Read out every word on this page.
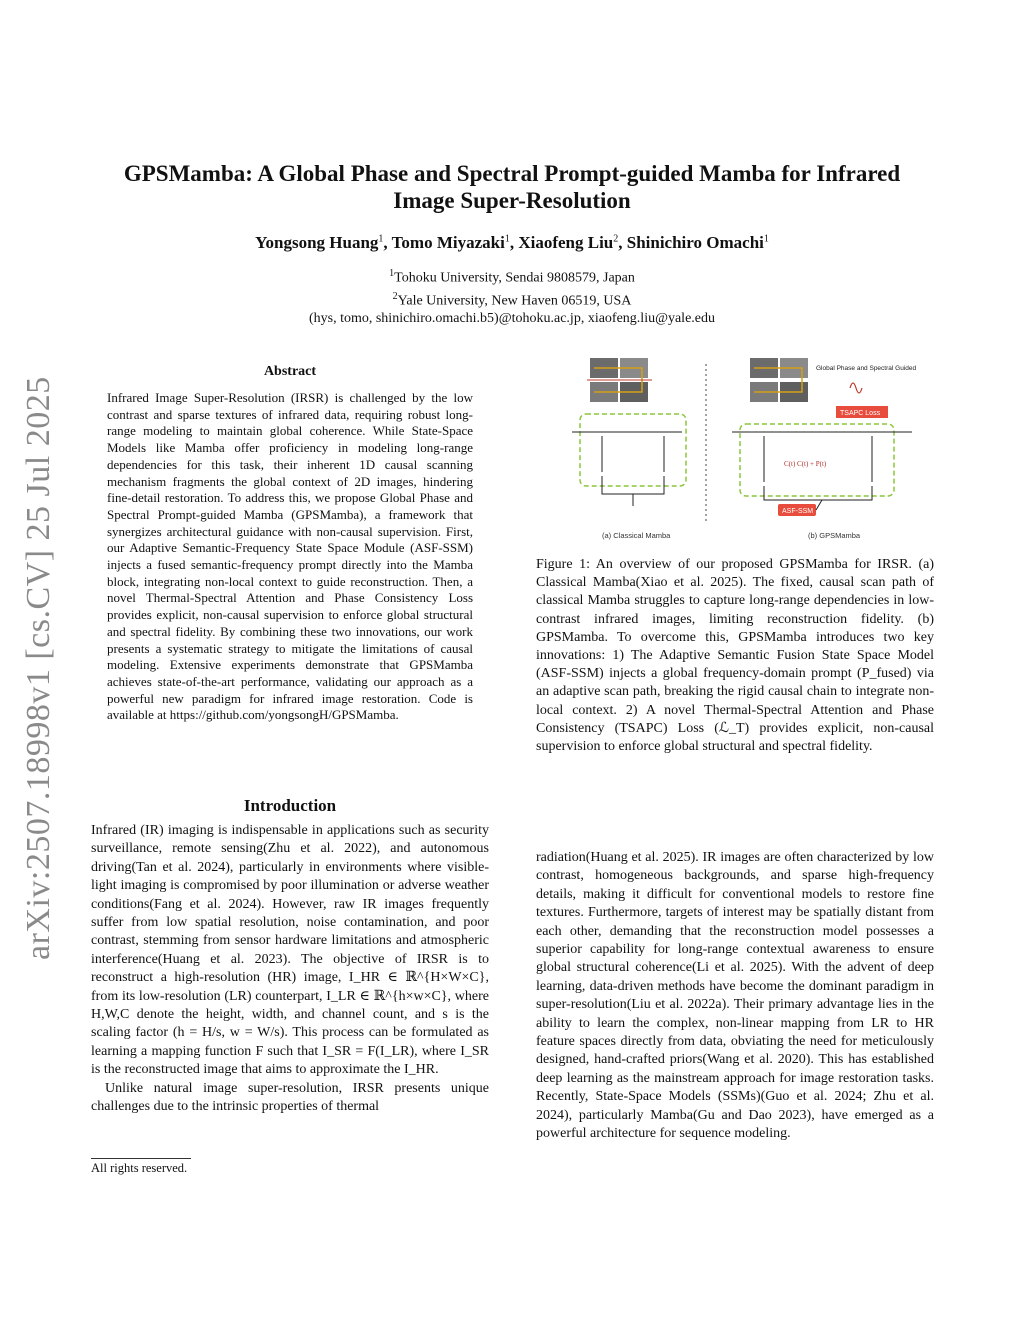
arXiv:2507.18998v1 [cs.CV] 25 Jul 2025
GPSMamba: A Global Phase and Spectral Prompt-guided Mamba for Infrared
Image Super-Resolution
Yongsong Huang$^1$, Tomo Miyazaki$^1$, Xiaofeng Liu$^2$, Shinichiro Omachi$^1$
$^1$Tohoku University, Sendai 9808579, Japan
$^2$Yale University, New Haven 06519, USA
(hys, tomo, shinichiro.omachi.b5)@tohoku.ac.jp, xiaofeng.liu@yale.edu
Abstract
Infrared Image Super-Resolution (IRSR) is challenged by the low contrast and sparse textures of infrared data, requiring robust long-range modeling to maintain global coherence. While State-Space Models like Mamba offer proficiency in modeling long-range dependencies for this task, their inherent 1D causal scanning mechanism fragments the global context of 2D images, hindering fine-detail restoration. To address this, we propose Global Phase and Spectral Prompt-guided Mamba (GPSMamba), a framework that synergizes architectural guidance with non-causal supervision. First, our Adaptive Semantic-Frequency State Space Module (ASF-SSM) injects a fused semantic-frequency prompt directly into the Mamba block, integrating non-local context to guide reconstruction. Then, a novel Thermal-Spectral Attention and Phase Consistency Loss provides explicit, non-causal supervision to enforce global structural and spectral fidelity. By combining these two innovations, our work presents a systematic strategy to mitigate the limitations of causal modeling. Extensive experiments demonstrate that GPSMamba achieves state-of-the-art performance, validating our approach as a powerful new paradigm for infrared image restoration. Code is available at https://github.com/yongsongH/GPSMamba.
Introduction

Infrared (IR) imaging is indispensable in applications such as security surveillance, remote sensing(Zhu et al. 2022), and autonomous driving(Tan et al. 2024), particularly in environments where visible-light imaging is compromised by poor illumination or adverse weather conditions(Fang et al. 2024). However, raw IR images frequently suffer from low spatial resolution, noise contamination, and poor contrast, stemming from sensor hardware limitations and atmospheric interference(Huang et al. 2023). The objective of IRSR is to reconstruct a high-resolution (HR) image, I_HR ∈ ℝ^{H×W×C}, from its low-resolution (LR) counterpart, I_LR ∈ ℝ^{h×w×C}, where H,W,C denote the height, width, and channel count, and s is the scaling factor (h = H/s, w = W/s). This process can be formulated as learning a mapping function F such that I_SR = F(I_LR), where I_SR is the reconstructed image that aims to approximate the I_HR.

Unlike natural image super-resolution, IRSR presents unique challenges due to the intrinsic properties of thermal

All rights reserved.
Global Phase and Spectral Guided
TSAPC Loss
C(t) C(t) + P(t)
ASF-SSM
(a) Classical Mamba	(b) GPSMamba
Figure 1: An overview of our proposed GPSMamba for IRSR. (a) Classical Mamba(Xiao et al. 2025). The fixed, causal scan path of classical Mamba struggles to capture long-range dependencies in low-contrast infrared images, limiting reconstruction fidelity. (b) GPSMamba. To overcome this, GPSMamba introduces two key innovations: 1) The Adaptive Semantic Fusion State Space Model (ASF-SSM) injects a global frequency-domain prompt (P_fused) via an adaptive scan path, breaking the rigid causal chain to integrate non-local context. 2) A novel Thermal-Spectral Attention and Phase Consistency (TSAPC) Loss (ℒ_T) provides explicit, non-causal supervision to enforce global structural and spectral fidelity.

radiation(Huang et al. 2025). IR images are often characterized by low contrast, homogeneous backgrounds, and sparse high-frequency details, making it difficult for conventional models to restore fine textures. Furthermore, targets of interest may be spatially distant from each other, demanding that the reconstruction model possesses a superior capability for long-range contextual awareness to ensure global structural coherence(Li et al. 2025). With the advent of deep learning, data-driven methods have become the dominant paradigm in super-resolution(Liu et al. 2022a). Their primary advantage lies in the ability to learn the complex, non-linear mapping from LR to HR feature spaces directly from data, obviating the need for meticulously designed, hand-crafted priors(Wang et al. 2020). This has established deep learning as the mainstream approach for image restoration tasks. Recently, State-Space Models (SSMs)(Guo et al. 2024; Zhu et al. 2024), particularly Mamba(Gu and Dao 2023), have emerged as a powerful architecture for sequence modeling.
